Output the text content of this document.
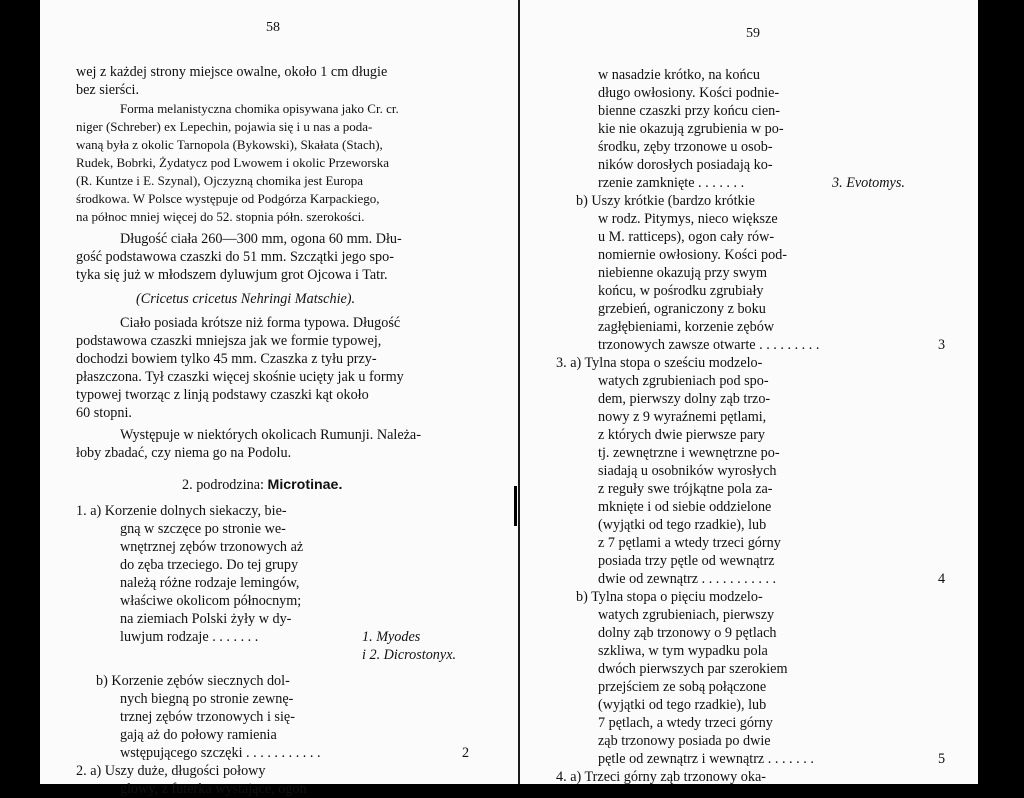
58
wej z każdej strony miejsce owalne, około 1 cm długie
bez sierści.
Forma melanistyczna chomika opisywana jako Cr. cr.
niger (Schreber) ex Lepechin, pojawia się i u nas a poda-
waną była z okolic Tarnopola (Bykowski), Skałata (Stach),
Rudek, Bobrki, Żydatycz pod Lwowem i okolic Przeworska
(R. Kuntze i E. Szynal), Ojczyzną chomika jest Europa
środkowa. W Polsce występuje od Podgórza Karpackiego,
na północ mniej więcej do 52. stopnia półn. szerokości.
Długość ciała 260—300 mm, ogona 60 mm. Dłu-
gość podstawowa czaszki do 51 mm. Szczątki jego spo-
tyka się już w młodszem dyluwjum grot Ojcowa i Tatr.
(Cricetus cricetus Nehringi Matschie).
Ciało posiada krótsze niż forma typowa. Długość
podstawowa czaszki mniejsza jak we formie typowej,
dochodzi bowiem tylko 45 mm. Czaszka z tyłu przy-
płaszczona. Tył czaszki więcej skośnie ucięty jak u formy
typowej tworząc z linją podstawy czaszki kąt około
60 stopni.
Występuje w niektórych okolicach Rumunji. Należa-
łoby zbadać, czy niema go na Podolu.
2. podrodzina: Microtinae.
1. a) Korzenie dolnych siekaczy, bie-
gną w szczęce po stronie we-
wnętrznej zębów trzonowych aż
do zęba trzeciego. Do tej grupy
należą różne rodzaje lemingów,
właściwe okolicom północnym;
na ziemiach Polski żyły w dy-
luwjum rodzaje . . . . . . .	1. Myodes
i 2. Dicrostonyx.
b) Korzenie zębów siecznych dol-
nych biegną po stronie zewnę-
trznej zębów trzonowych i się-
gają aż do połowy ramienia
wstępującego szczęki . . . . . . . . . . .	2
2. a) Uszy duże, długości połowy
głowy, z futerka wystające, ogon
59
w nasadzie krótko, na końcu
długo owłosiony. Kości podnie-
bienne czaszki przy końcu cien-
kie nie okazują zgrubienia w po-
środku, zęby trzonowe u osob-
ników dorosłych posiadają ko-
rzenie zamknięte . . . . . . .	3. Evotomys.
b) Uszy krótkie (bardzo krótkie
w rodz. Pitymys, nieco większe
u M. ratticeps), ogon cały rów-
nomiernie owłosiony. Kości pod-
niebienne okazują przy swym
końcu, w pośrodku zgrubiały
grzebień, ograniczony z boku
zagłębieniami, korzenie zębów
trzonowych zawsze otwarte . . . . . . . . .	3
3. a) Tylna stopa o sześciu modzelo-
watych zgrubieniach pod spo-
dem, pierwszy dolny ząb trzo-
nowy z 9 wyraźnemi pętlami,
z których dwie pierwsze pary
tj. zewnętrzne i wewnętrzne po-
siadają u osobników wyrosłych
z reguły swe trójkątne pola za-
mknięte i od siebie oddzielone
(wyjątki od tego rzadkie), lub
z 7 pętlami a wtedy trzeci górny
posiada trzy pętle od wewnątrz
dwie od zewnątrz . . . . . . . . . . .	4
b) Tylna stopa o pięciu modzelo-
watych zgrubieniach, pierwszy
dolny ząb trzonowy o 9 pętlach
szkliwa, w tym wypadku pola
dwóch pierwszych par szerokiem
przejściem ze sobą połączone
(wyjątki od tego rzadkie), lub
7 pętlach, a wtedy trzeci górny
ząb trzonowy posiada po dwie
pętle od zewnątrz i wewnątrz . . . . . . .	5
4. a) Trzeci górny ząb trzonowy oka-
